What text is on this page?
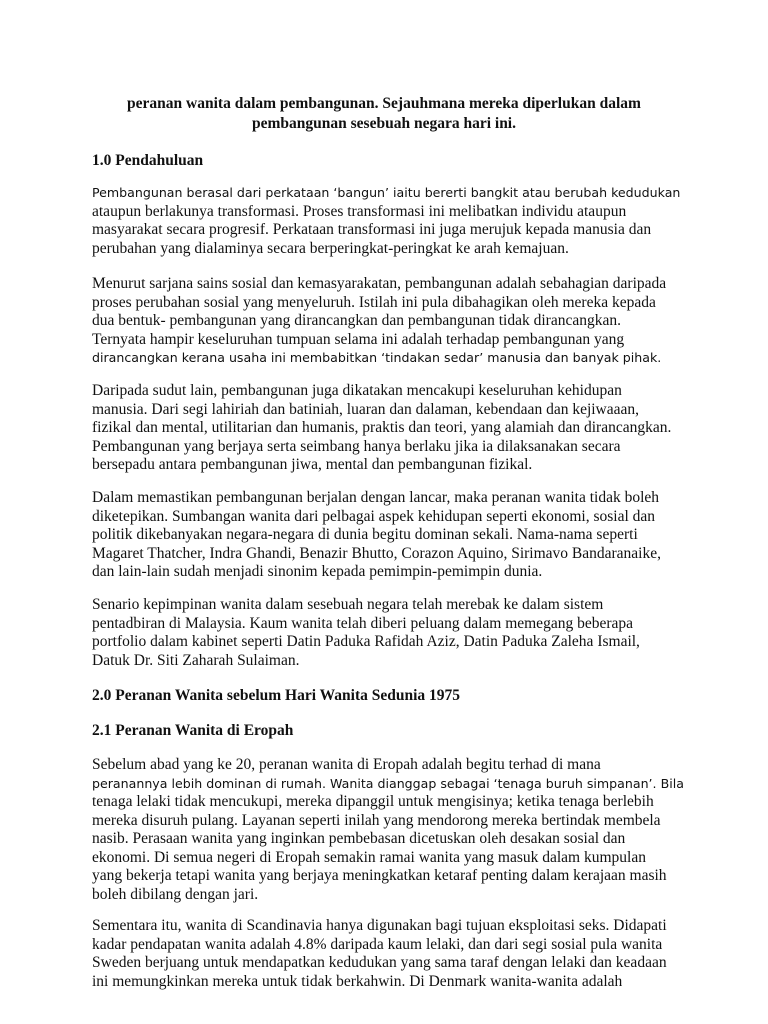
peranan wanita dalam pembangunan. Sejauhmana mereka diperlukan dalam

pembangunan sesebuah negara hari ini.

1.0 Pendahuluan

Pembangunan berasal dari perkataan ‘bangun’ iaitu bererti bangkit atau berubah kedudukan
ataupun berlakunya transformasi. Proses transformasi ini melibatkan individu ataupun
masyarakat secara progresif. Perkataan transformasi ini juga merujuk kepada manusia dan
perubahan yang dialaminya secara berperingkat-peringkat ke arah kemajuan.

Menurut sarjana sains sosial dan kemasyarakatan, pembangunan adalah sebahagian daripada
proses perubahan sosial yang menyeluruh. Istilah ini pula dibahagikan oleh mereka kepada
dua bentuk- pembangunan yang dirancangkan dan pembangunan tidak dirancangkan.
Ternyata hampir keseluruhan tumpuan selama ini adalah terhadap pembangunan yang
dirancangkan kerana usaha ini membabitkan ‘tindakan sedar’ manusia dan banyak pihak.

Daripada sudut lain, pembangunan juga dikatakan mencakupi keseluruhan kehidupan
manusia. Dari segi lahiriah dan batiniah, luaran dan dalaman, kebendaan dan kejiwaaan,
fizikal dan mental, utilitarian dan humanis, praktis dan teori, yang alamiah dan dirancangkan.
Pembangunan yang berjaya serta seimbang hanya berlaku jika ia dilaksanakan secara
bersepadu antara pembangunan jiwa, mental dan pembangunan fizikal.

Dalam memastikan pembangunan berjalan dengan lancar, maka peranan wanita tidak boleh
diketepikan. Sumbangan wanita dari pelbagai aspek kehidupan seperti ekonomi, sosial dan
politik dikebanyakan negara-negara di dunia begitu dominan sekali. Nama-nama seperti
Magaret Thatcher, Indra Ghandi, Benazir Bhutto, Corazon Aquino, Sirimavo Bandaranaike,
dan lain-lain sudah menjadi sinonim kepada pemimpin-pemimpin dunia.

Senario kepimpinan wanita dalam sesebuah negara telah merebak ke dalam sistem
pentadbiran di Malaysia. Kaum wanita telah diberi peluang dalam memegang beberapa
portfolio dalam kabinet seperti Datin Paduka Rafidah Aziz, Datin Paduka Zaleha Ismail,
Datuk Dr. Siti Zaharah Sulaiman.

2.0 Peranan Wanita sebelum Hari Wanita Sedunia 1975
2.1 Peranan Wanita di Eropah

Sebelum abad yang ke 20, peranan wanita di Eropah adalah begitu terhad di mana
peranannya lebih dominan di rumah. Wanita dianggap sebagai ‘tenaga buruh simpanan’. Bila
tenaga lelaki tidak mencukupi, mereka dipanggil untuk mengisinya; ketika tenaga berlebih
mereka disuruh pulang. Layanan seperti inilah yang mendorong mereka bertindak membela
nasib. Perasaan wanita yang inginkan pembebasan dicetuskan oleh desakan sosial dan
ekonomi. Di semua negeri di Eropah semakin ramai wanita yang masuk dalam kumpulan
yang bekerja tetapi wanita yang berjaya meningkatkan ketaraf penting dalam kerajaan masih
boleh dibilang dengan jari.

Sementara itu, wanita di Scandinavia hanya digunakan bagi tujuan eksploitasi seks. Didapati
kadar pendapatan wanita adalah 4.8% daripada kaum lelaki, dan dari segi sosial pula wanita
Sweden berjuang untuk mendapatkan kedudukan yang sama taraf dengan lelaki dan keadaan
ini memungkinkan mereka untuk tidak berkahwin. Di Denmark wanita-wanita adalah
